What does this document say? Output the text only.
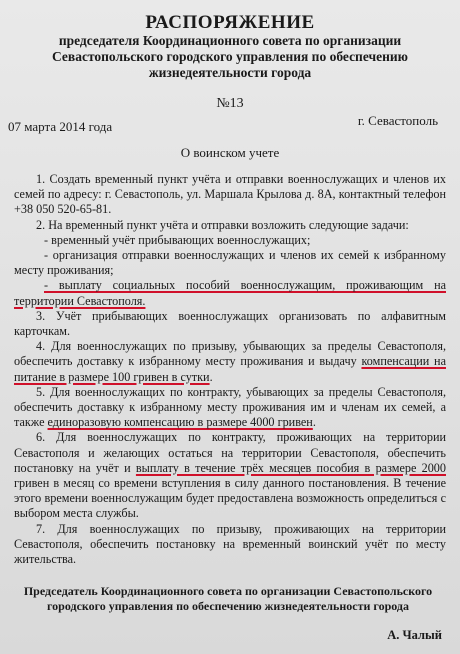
РАСПОРЯЖЕНИЕ
председателя Координационного совета по организации
Севастопольского городского управления по обеспечению
жизнедеятельности города
№13
07 марта 2014 года	г. Севастополь
О воинском учете

1. Создать временный пункт учёта и отправки военнослужащих и членов их семей по адресу: г. Севастополь, ул. Маршала Крылова д. 8А, контактный телефон +38 050 520-65-81.

2. На временный пункт учёта и отправки возложить следующие задачи:

- временный учёт прибывающих военнослужащих;

- организация отправки военнослужащих и членов их семей к избранному месту проживания;

- выплату социальных пособий военнослужащим, проживающим на территории Севастополя.

3. Учёт прибывающих военнослужащих организовать по алфавитным карточкам.

4. Для военнослужащих по призыву, убывающих за пределы Севастополя, обеспечить доставку к избранному месту проживания и выдачу компенсации на питание в размере 100 гривен в сутки.

5. Для военнослужащих по контракту, убывающих за пределы Севастополя, обеспечить доставку к избранному месту проживания им и членам их семей, а также единоразовую компенсацию в размере 4000 гривен.

6. Для военнослужащих по контракту, проживающих на территории Севастополя и желающих остаться на территории Севастополя, обеспечить постановку на учёт и выплату в течение трёх месяцев пособия в размере 2000 гривен в месяц со времени вступления в силу данного постановления. В течение этого времени военнослужащим будет предоставлена возможность определиться с выбором места службы.

7. Для военнослужащих по призыву, проживающих на территории Севастополя, обеспечить постановку на временный воинский учёт по месту жительства.

Председатель Координационного совета по организации Севастопольского городского управления по обеспечению жизнедеятельности города
А. Чалый
